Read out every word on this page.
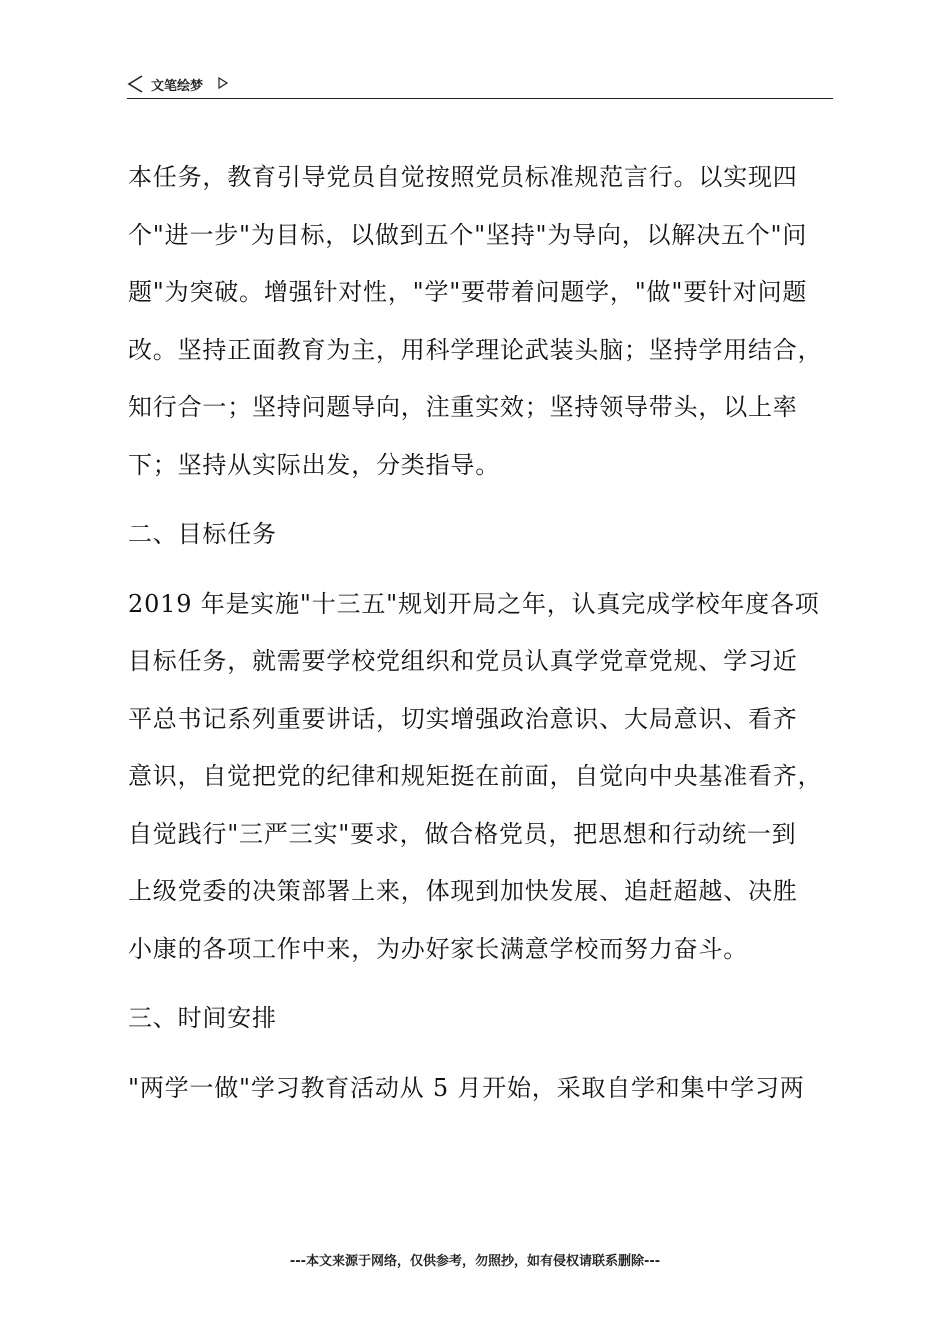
文笔绘梦
本任务，教育引导党员自觉按照党员标准规范言行。以实现四
个"进一步"为目标，以做到五个"坚持"为导向，以解决五个"问
题"为突破。增强针对性，"学"要带着问题学，"做"要针对问题
改。坚持正面教育为主，用科学理论武装头脑；坚持学用结合，
知行合一；坚持问题导向，注重实效；坚持领导带头，以上率
下；坚持从实际出发，分类指导。
二、目标任务
2019 年是实施"十三五"规划开局之年，认真完成学校年度各项
目标任务，就需要学校党组织和党员认真学党章党规、学习近
平总书记系列重要讲话，切实增强政治意识、大局意识、看齐
意识，自觉把党的纪律和规矩挺在前面，自觉向中央基准看齐，
自觉践行"三严三实"要求，做合格党员，把思想和行动统一到
上级党委的决策部署上来，体现到加快发展、追赶超越、决胜
小康的各项工作中来，为办好家长满意学校而努力奋斗。
三、时间安排
"两学一做"学习教育活动从 5 月开始，采取自学和集中学习两
---本文来源于网络，仅供参考，勿照抄，如有侵权请联系删除---
